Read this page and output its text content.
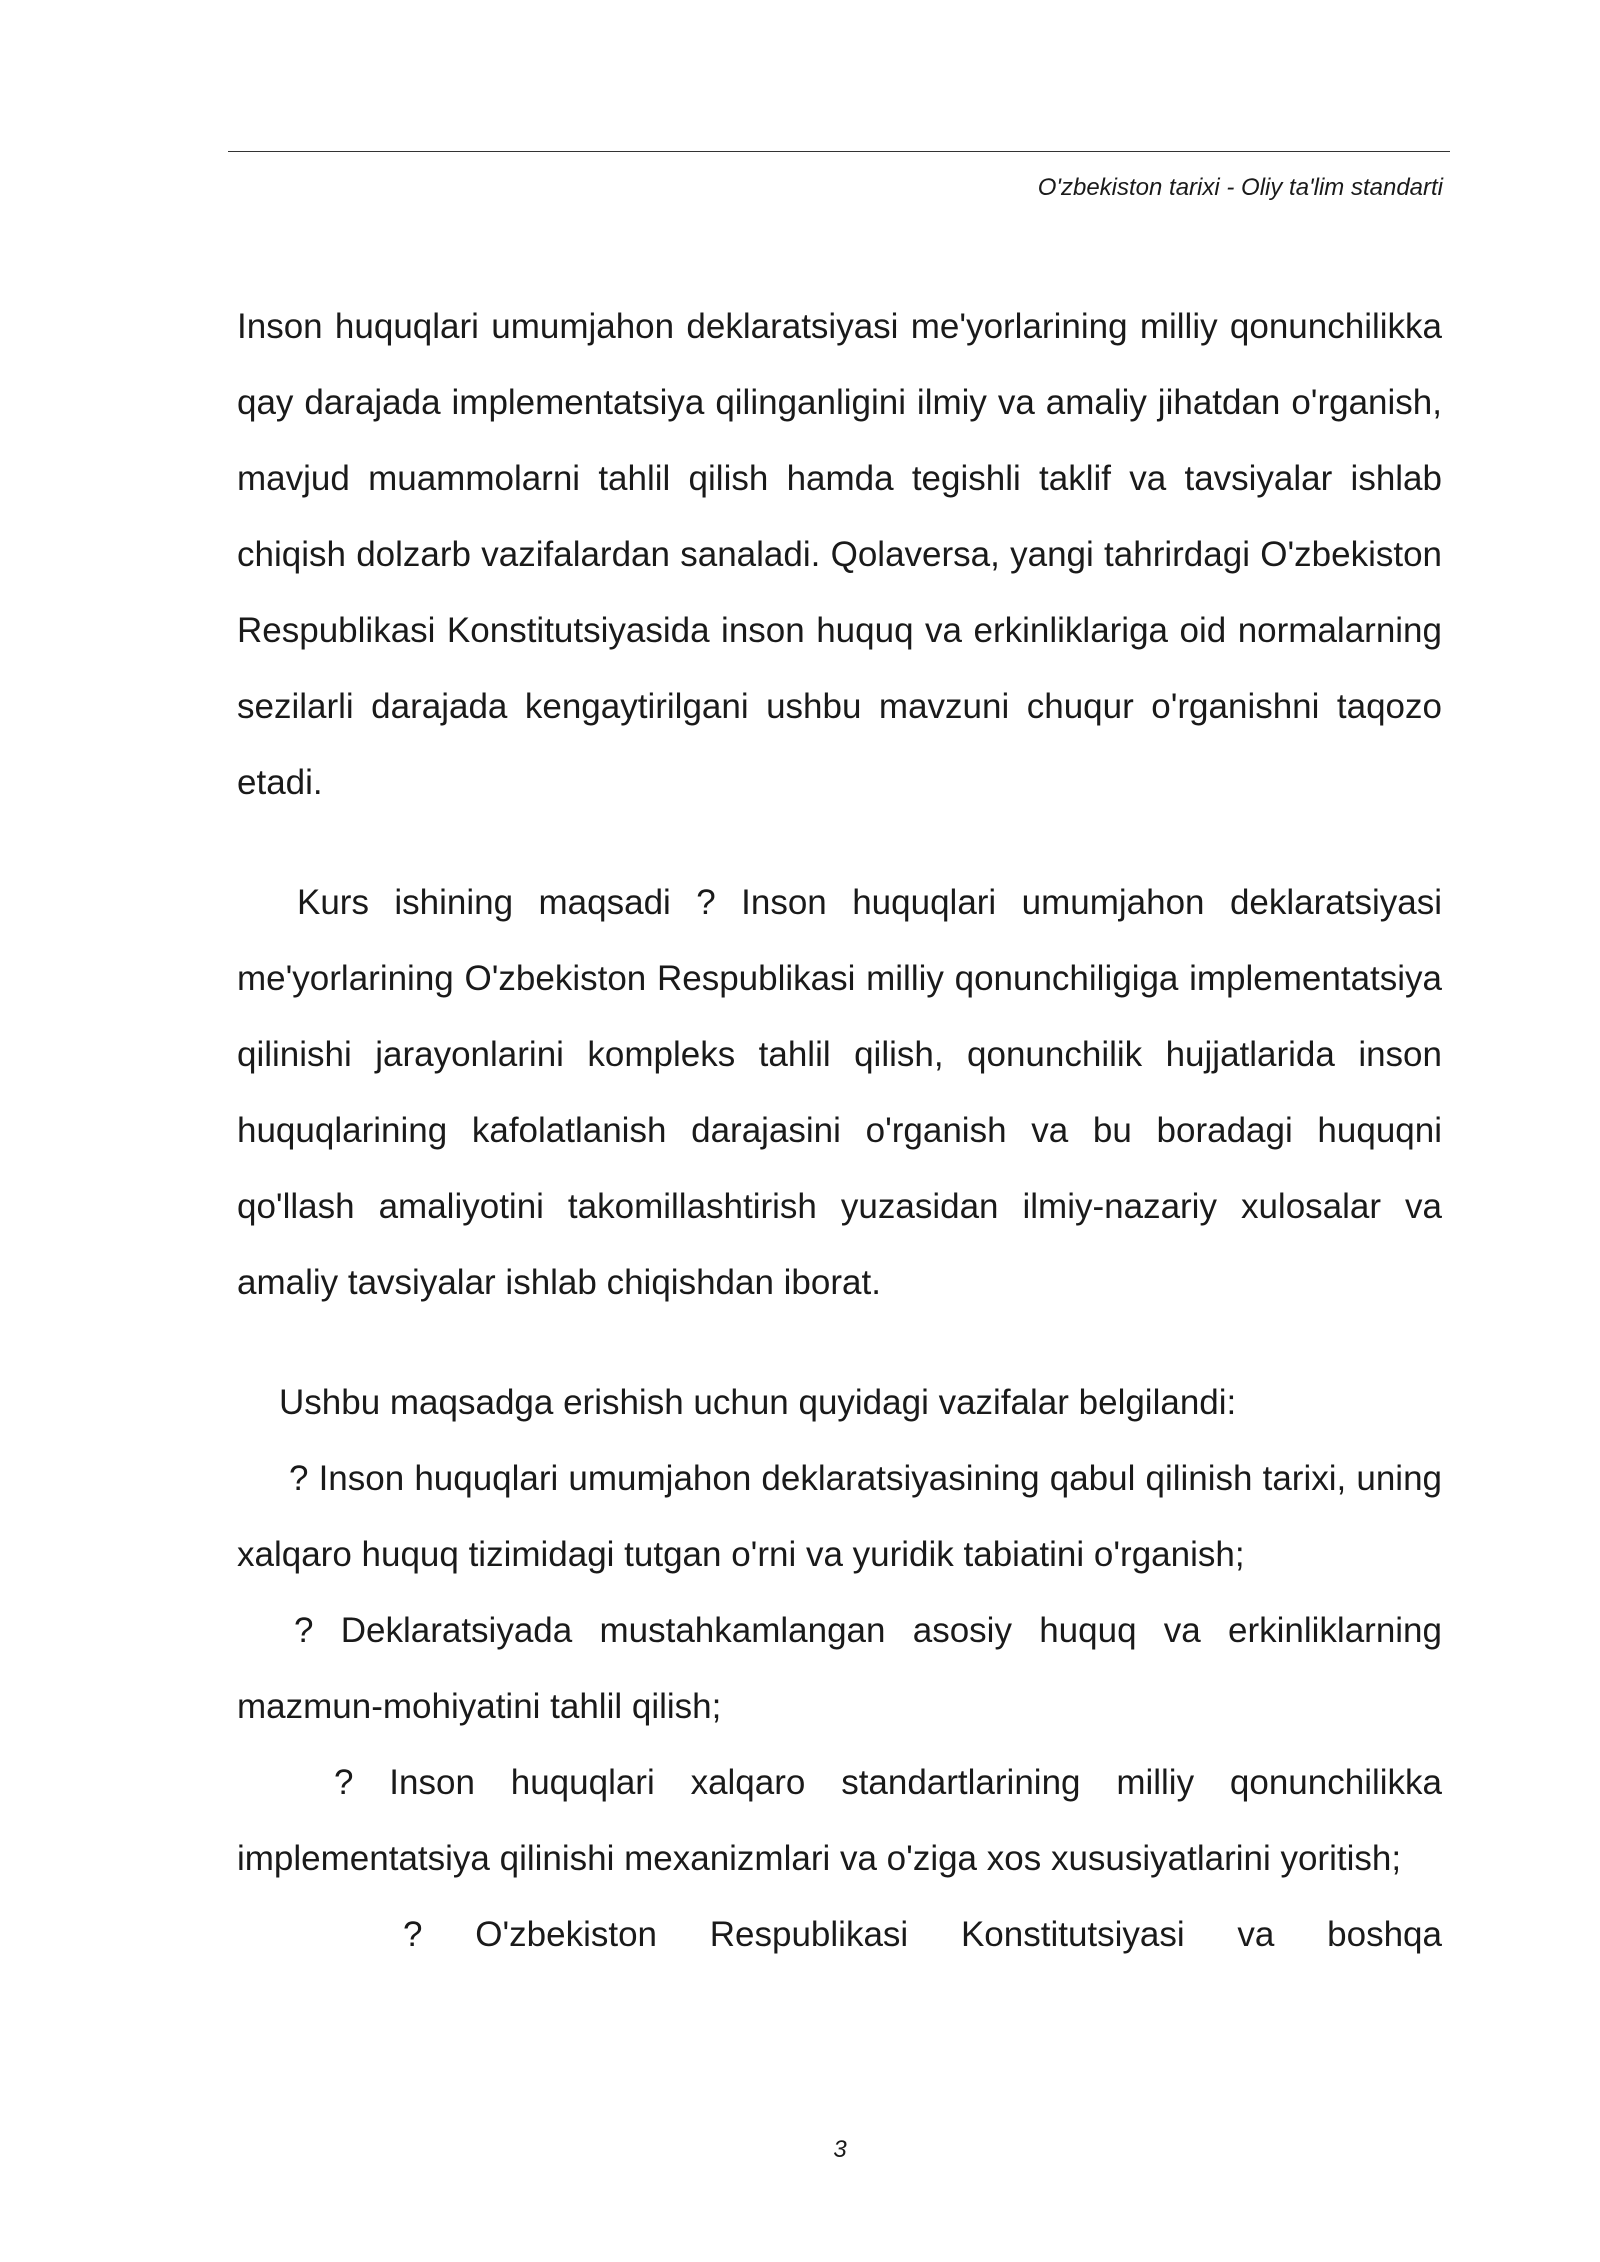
O'zbekiston tarixi - Oliy ta'lim standarti

Inson huquqlari umumjahon deklaratsiyasi me'yorlarining milliy qonunchilikka qay darajada implementatsiya qilinganligini ilmiy va amaliy jihatdan o'rganish, mavjud muammolarni tahlil qilish hamda tegishli taklif va tavsiyalar ishlab chiqish dolzarb vazifalardan sanaladi. Qolaversa, yangi tahrirdagi O'zbekiston Respublikasi Konstitutsiyasida inson huquq va erkinliklariga oid normalarning sezilarli darajada kengaytirilgani ushbu mavzuni chuqur o'rganishni taqozo etadi.

Kurs ishining maqsadi ? Inson huquqlari umumjahon deklaratsiyasi me'yorlarining O'zbekiston Respublikasi milliy qonunchiligiga implementatsiya qilinishi jarayonlarini kompleks tahlil qilish, qonunchilik hujjatlarida inson huquqlarining kafolatlanish darajasini o'rganish va bu boradagi huquqni qo'llash amaliyotini takomillashtirish yuzasidan ilmiy-nazariy xulosalar va amaliy tavsiyalar ishlab chiqishdan iborat.

Ushbu maqsadga erishish uchun quyidagi vazifalar belgilandi:

? Inson huquqlari umumjahon deklaratsiyasining qabul qilinish tarixi, uning xalqaro huquq tizimidagi tutgan o'rni va yuridik tabiatini o'rganish;

? Deklaratsiyada mustahkamlangan asosiy huquq va erkinliklarning mazmun-mohiyatini tahlil qilish;

? Inson huquqlari xalqaro standartlarining milliy qonunchilikka implementatsiya qilinishi mexanizmlari va o'ziga xos xususiyatlarini yoritish;

? O'zbekiston Respublikasi Konstitutsiyasi va boshqa

3
